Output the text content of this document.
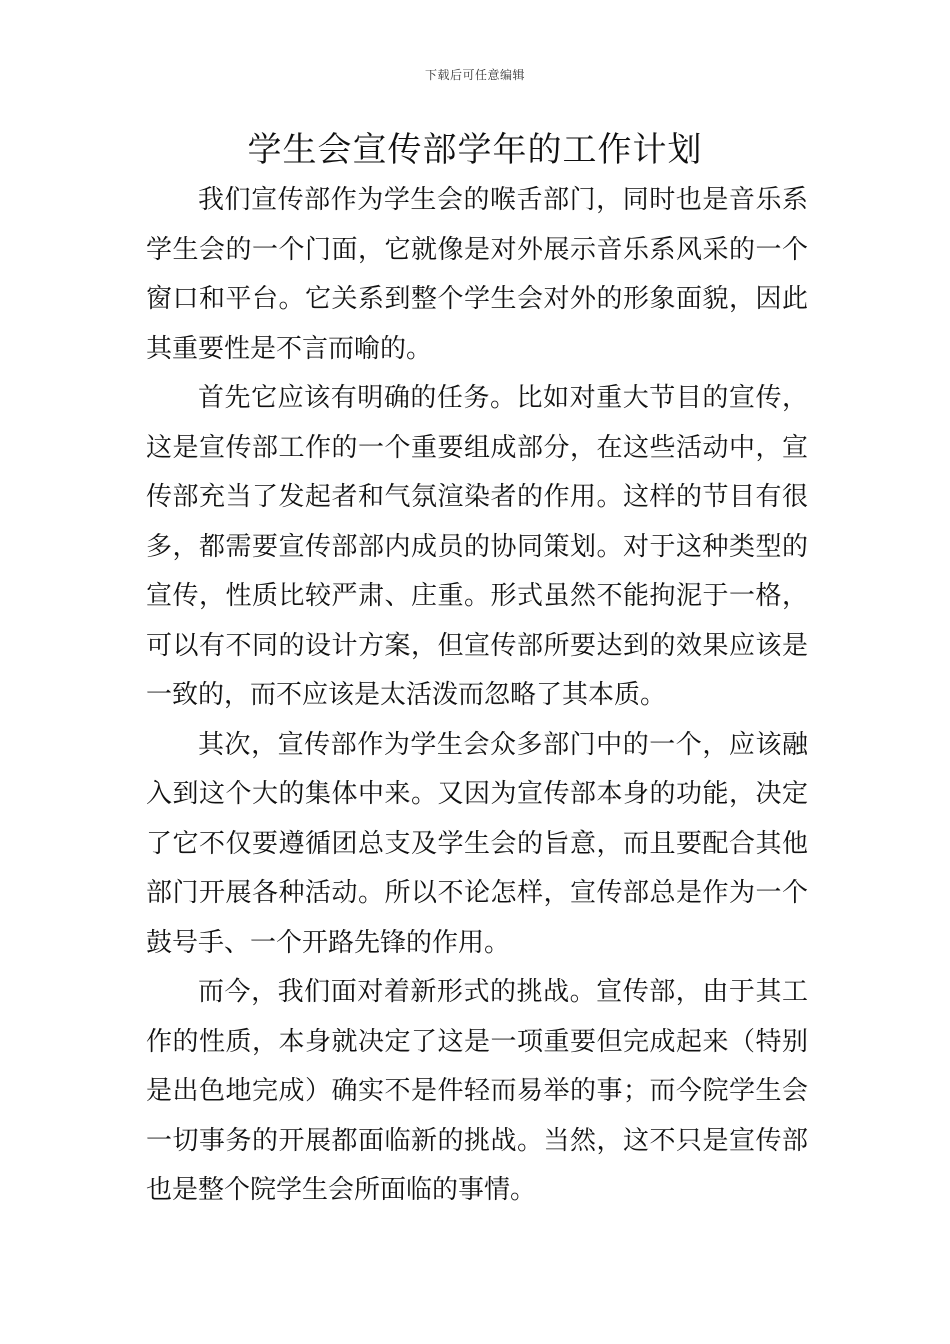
下载后可任意编辑
学生会宣传部学年的工作计划

我们宣传部作为学生会的喉舌部门，同时也是音乐系学生会的一个门面，它就像是对外展示音乐系风采的一个窗口和平台。它关系到整个学生会对外的形象面貌，因此其重要性是不言而喻的。

首先它应该有明确的任务。比如对重大节目的宣传，这是宣传部工作的一个重要组成部分，在这些活动中，宣传部充当了发起者和气氛渲染者的作用。这样的节目有很多，都需要宣传部部内成员的协同策划。对于这种类型的宣传，性质比较严肃、庄重。形式虽然不能拘泥于一格，可以有不同的设计方案，但宣传部所要达到的效果应该是一致的，而不应该是太活泼而忽略了其本质。

其次，宣传部作为学生会众多部门中的一个，应该融入到这个大的集体中来。又因为宣传部本身的功能，决定了它不仅要遵循团总支及学生会的旨意，而且要配合其他部门开展各种活动。所以不论怎样，宣传部总是作为一个鼓号手、一个开路先锋的作用。

而今，我们面对着新形式的挑战。宣传部，由于其工作的性质，本身就决定了这是一项重要但完成起来（特别是出色地完成）确实不是件轻而易举的事；而今院学生会一切事务的开展都面临新的挑战。当然，这不只是宣传部也是整个院学生会所面临的事情。
